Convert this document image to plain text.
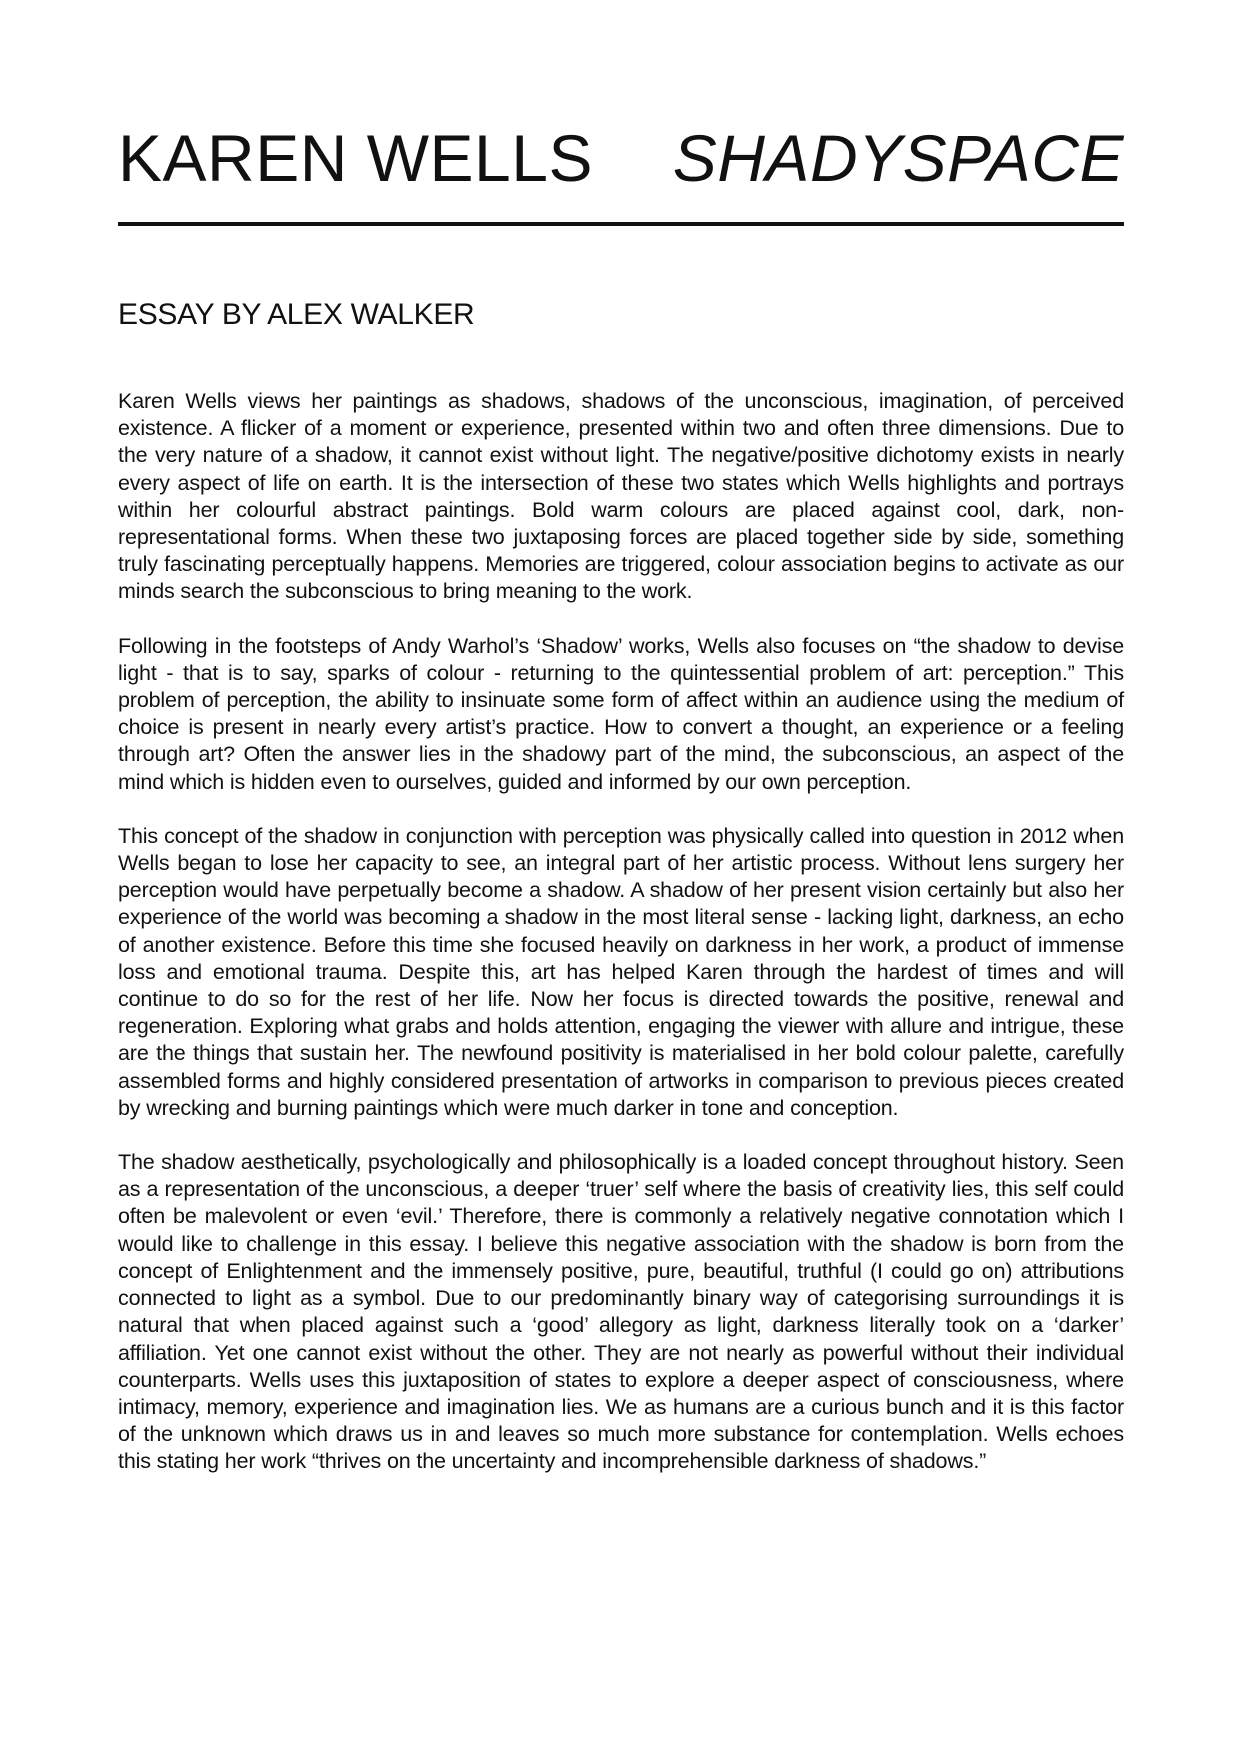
KAREN WELLS SHADYSPACE
ESSAY BY ALEX WALKER

Karen Wells views her paintings as shadows, shadows of the unconscious, imagination, of perceived existence. A flicker of a moment or experience, presented within two and often three dimensions. Due to the very nature of a shadow, it cannot exist without light. The negative/positive dichotomy exists in nearly every aspect of life on earth. It is the intersection of these two states which Wells highlights and portrays within her colourful abstract paintings. Bold warm colours are placed against cool, dark, non-representational forms. When these two juxtaposing forces are placed together side by side, something truly fascinating perceptually happens. Memories are triggered, colour association begins to activate as our minds search the subconscious to bring meaning to the work.

Following in the footsteps of Andy Warhol’s ‘Shadow’ works, Wells also focuses on “the shadow to devise light - that is to say, sparks of colour - returning to the quintessential problem of art: perception.” This problem of perception, the ability to insinuate some form of affect within an audience using the medium of choice is present in nearly every artist’s practice. How to convert a thought, an experience or a feeling through art? Often the answer lies in the shadowy part of the mind, the subconscious, an aspect of the mind which is hidden even to ourselves, guided and informed by our own perception.

This concept of the shadow in conjunction with perception was physically called into question in 2012 when Wells began to lose her capacity to see, an integral part of her artistic process. Without lens surgery her perception would have perpetually become a shadow. A shadow of her present vision certainly but also her experience of the world was becoming a shadow in the most literal sense - lacking light, darkness, an echo of another existence. Before this time she focused heavily on darkness in her work, a product of immense loss and emotional trauma. Despite this, art has helped Karen through the hardest of times and will continue to do so for the rest of her life. Now her focus is directed towards the positive, renewal and regeneration. Exploring what grabs and holds attention, engaging the viewer with allure and intrigue, these are the things that sustain her. The newfound positivity is materialised in her bold colour palette, carefully assembled forms and highly considered presentation of artworks in comparison to previous pieces created by wrecking and burning paintings which were much darker in tone and conception.

The shadow aesthetically, psychologically and philosophically is a loaded concept throughout history. Seen as a representation of the unconscious, a deeper ‘truer’ self where the basis of creativity lies, this self could often be malevolent or even ‘evil.’ Therefore, there is commonly a relatively negative connotation which I would like to challenge in this essay. I believe this negative association with the shadow is born from the concept of Enlightenment and the immensely positive, pure, beautiful, truthful (I could go on) attributions connected to light as a symbol. Due to our predominantly binary way of categorising surroundings it is natural that when placed against such a ‘good’ allegory as light, darkness literally took on a ‘darker’ affiliation. Yet one cannot exist without the other. They are not nearly as powerful without their individual counterparts. Wells uses this juxtaposition of states to explore a deeper aspect of consciousness, where intimacy, memory, experience and imagination lies. We as humans are a curious bunch and it is this factor of the unknown which draws us in and leaves so much more substance for contemplation. Wells echoes this stating her work “thrives on the uncertainty and incomprehensible darkness of shadows.”
